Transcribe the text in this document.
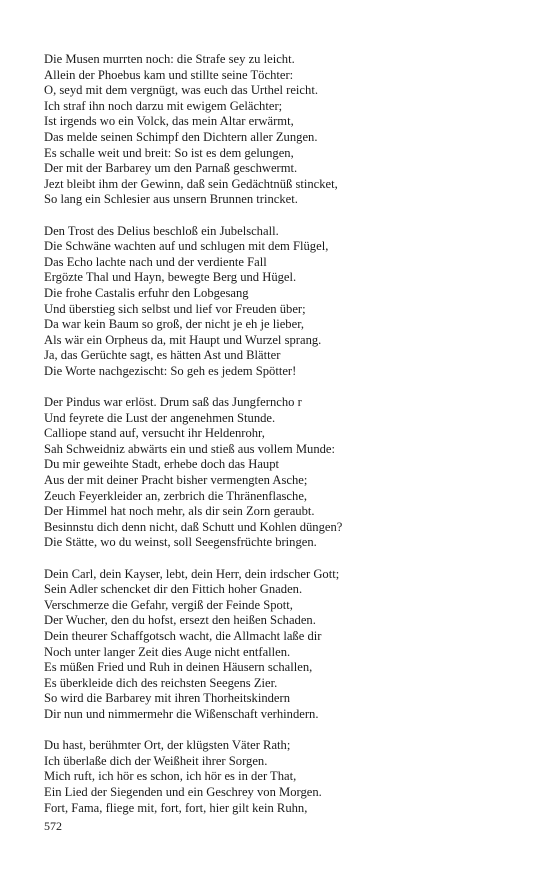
Die Musen murrten noch: die Strafe sey zu leicht.
Allein der Phoebus kam und stillte seine Töchter:
O, seyd mit dem vergnügt, was euch das Urthel reicht.
Ich straf ihn noch darzu mit ewigem Gelächter;
Ist irgends wo ein Volck, das mein Altar erwärmt,
Das melde seinen Schimpf den Dichtern aller Zungen.
Es schalle weit und breit: So ist es dem gelungen,
Der mit der Barbarey um den Parnaß geschwermt.
Jezt bleibt ihm der Gewinn, daß sein Gedächtnüß stincket,
So lang ein Schlesier aus unsern Brunnen trincket.
Den Trost des Delius beschloß ein Jubelschall.
Die Schwäne wachten auf und schlugen mit dem Flügel,
Das Echo lachte nach und der verdiente Fall
Ergözte Thal und Hayn, bewegte Berg und Hügel.
Die frohe Castalis erfuhr den Lobgesang
Und überstieg sich selbst und lief vor Freuden über;
Da war kein Baum so groß, der nicht je eh je lieber,
Als wär ein Orpheus da, mit Haupt und Wurzel sprang.
Ja, das Gerüchte sagt, es hätten Ast und Blätter
Die Worte nachgezischt: So geh es jedem Spötter!
Der Pindus war erlöst. Drum saß das Jungferncho r
Und feyrete die Lust der angenehmen Stunde.
Calliope stand auf, versucht ihr Heldenrohr,
Sah Schweidniz abwärts ein und stieß aus vollem Munde:
Du mir geweihte Stadt, erhebe doch das Haupt
Aus der mit deiner Pracht bisher vermengten Asche;
Zeuch Feyerkleider an, zerbrich die Thränenflasche,
Der Himmel hat noch mehr, als dir sein Zorn geraubt.
Besinnstu dich denn nicht, daß Schutt und Kohlen düngen?
Die Stätte, wo du weinst, soll Seegensfrüchte bringen.
Dein Carl, dein Kayser, lebt, dein Herr, dein irdscher Gott;
Sein Adler schencket dir den Fittich hoher Gnaden.
Verschmerze die Gefahr, vergiß der Feinde Spott,
Der Wucher, den du hofst, ersezt den heißen Schaden.
Dein theurer Schaffgotsch wacht, die Allmacht laße dir
Noch unter langer Zeit dies Auge nicht entfallen.
Es müßen Fried und Ruh in deinen Häusern schallen,
Es überkleide dich des reichsten Seegens Zier.
So wird die Barbarey mit ihren Thorheitskindern
Dir nun und nimmermehr die Wißenschaft verhindern.
Du hast, berühmter Ort, der klügsten Väter Rath;
Ich überlaße dich der Weißheit ihrer Sorgen.
Mich ruft, ich hör es schon, ich hör es in der That,
Ein Lied der Siegenden und ein Geschrey von Morgen.
Fort, Fama, fliege mit, fort, fort, hier gilt kein Ruhn,
572
